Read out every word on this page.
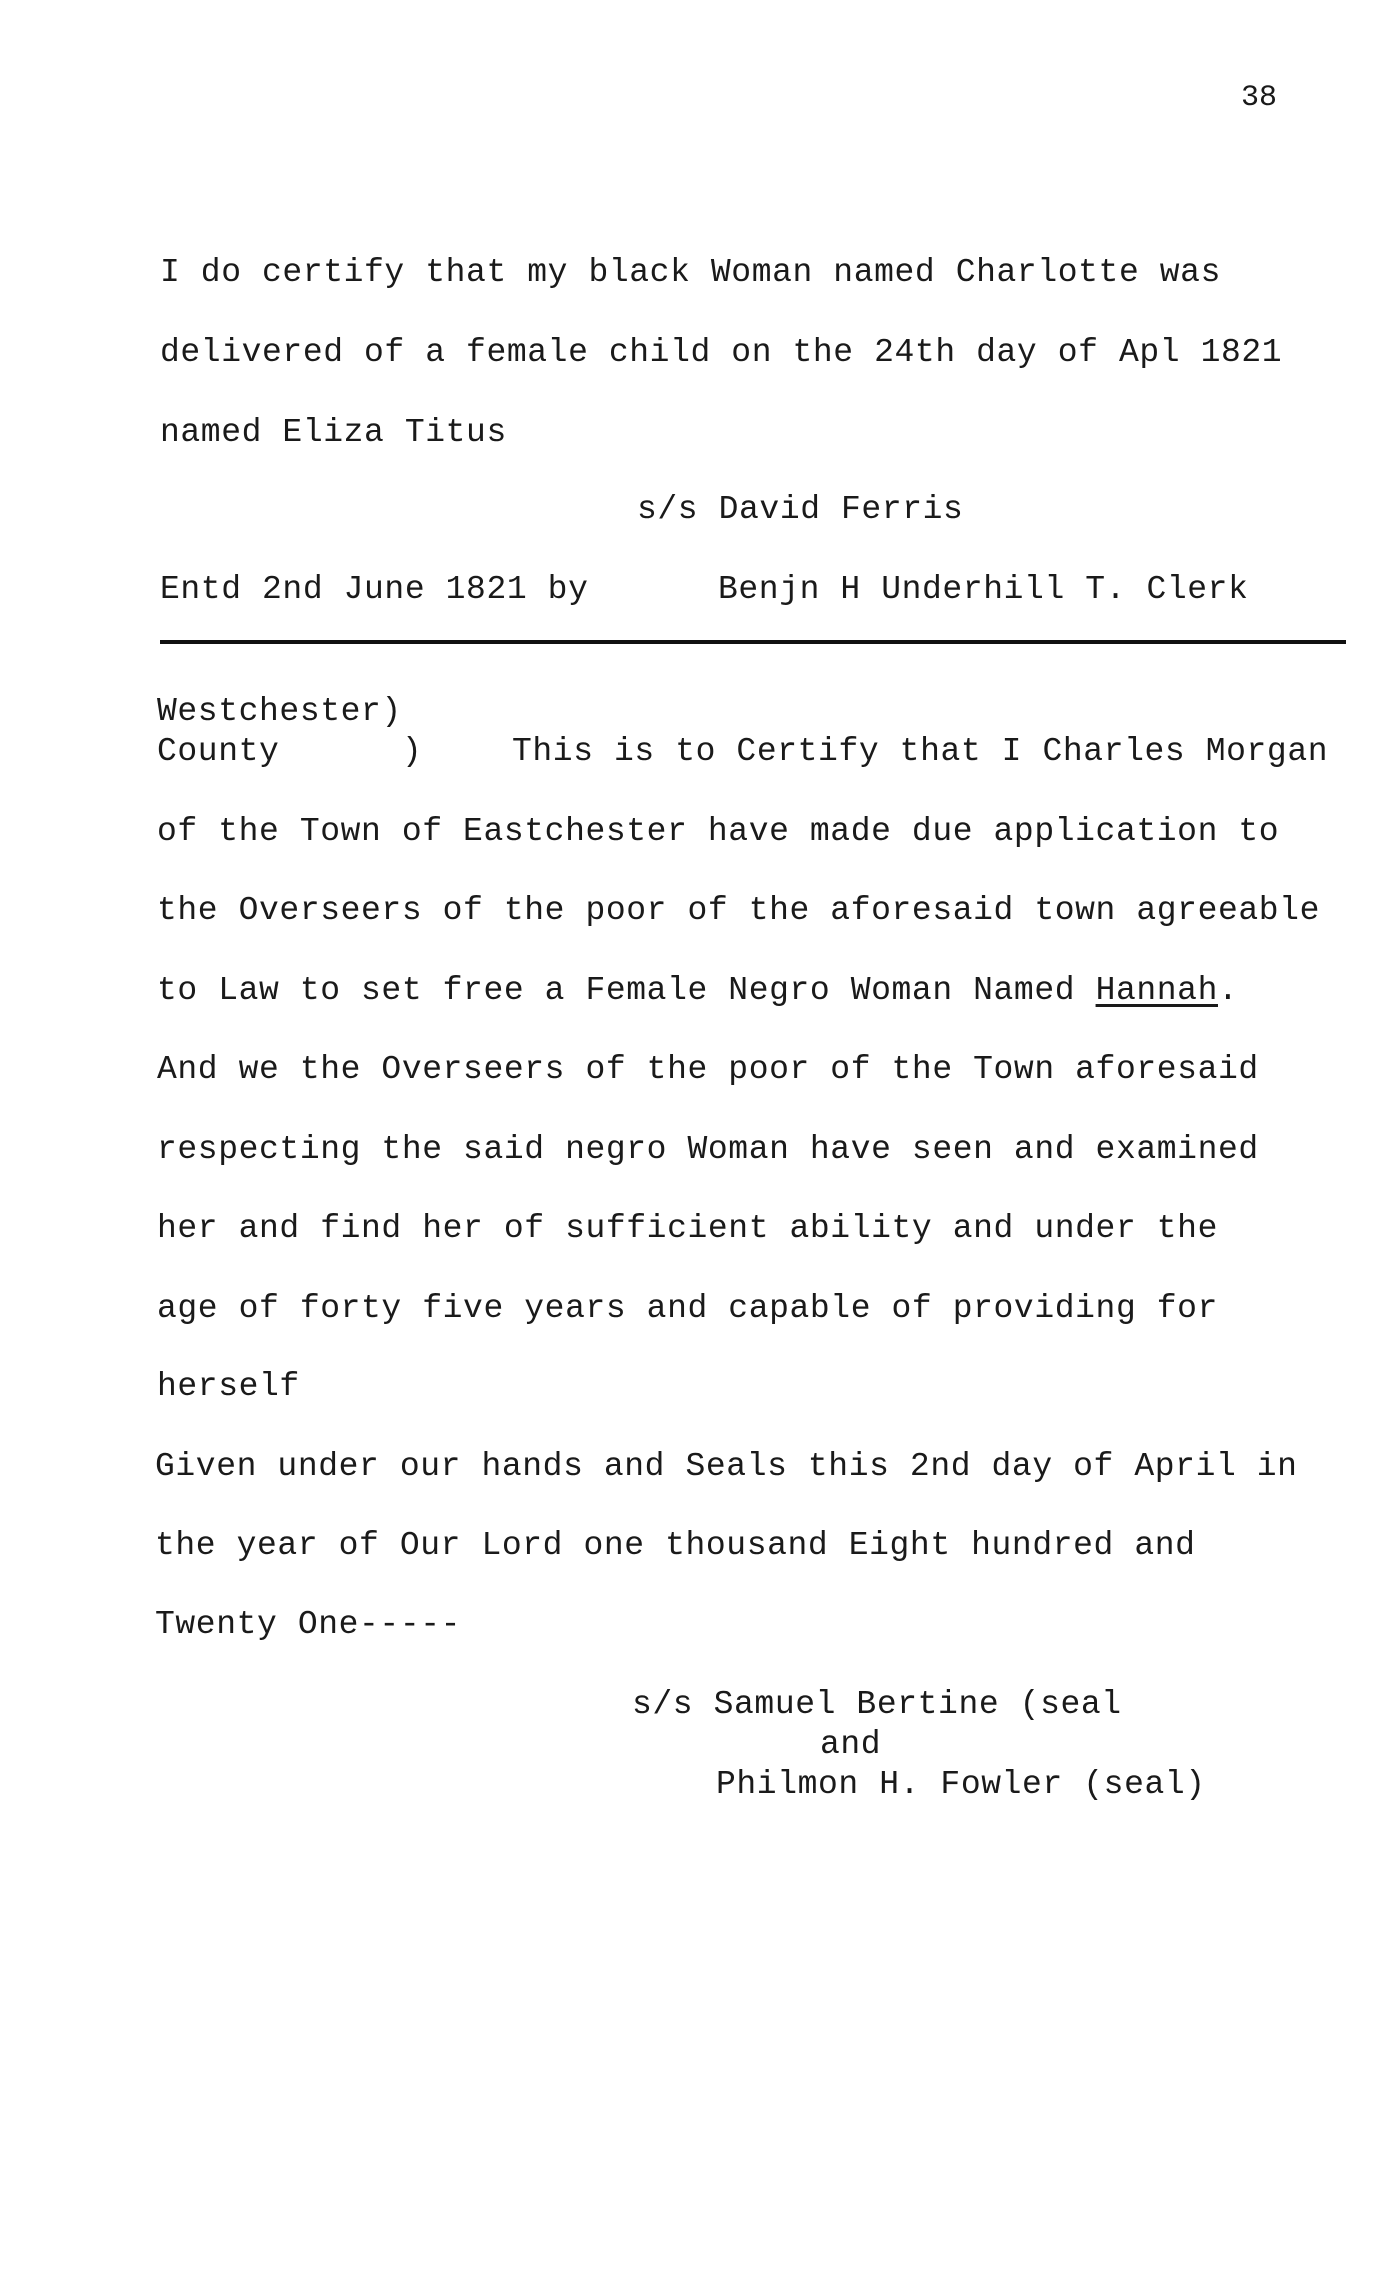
38
I do certify that my black Woman named Charlotte was
delivered of a female child on the 24th day of Apl 1821
named Eliza Titus
s/s David Ferris
Entd 2nd June 1821 by	Benjn H Underhill T. Clerk
Westchester)
County      )	This is to Certify that I Charles Morgan
of the Town of Eastchester have made due application to
the Overseers of the poor of the aforesaid town agreeable
to Law to set free a Female Negro Woman Named Hannah.
And we the Overseers of the poor of the Town aforesaid
respecting the said negro Woman have seen and examined
her and find her of sufficient ability and under the
age of forty five years and capable of providing for
herself
Given under our hands and Seals this 2nd day of April in
the year of Our Lord one thousand Eight hundred and
Twenty One-----
s/s Samuel Bertine (seal
and
Philmon H. Fowler (seal)
